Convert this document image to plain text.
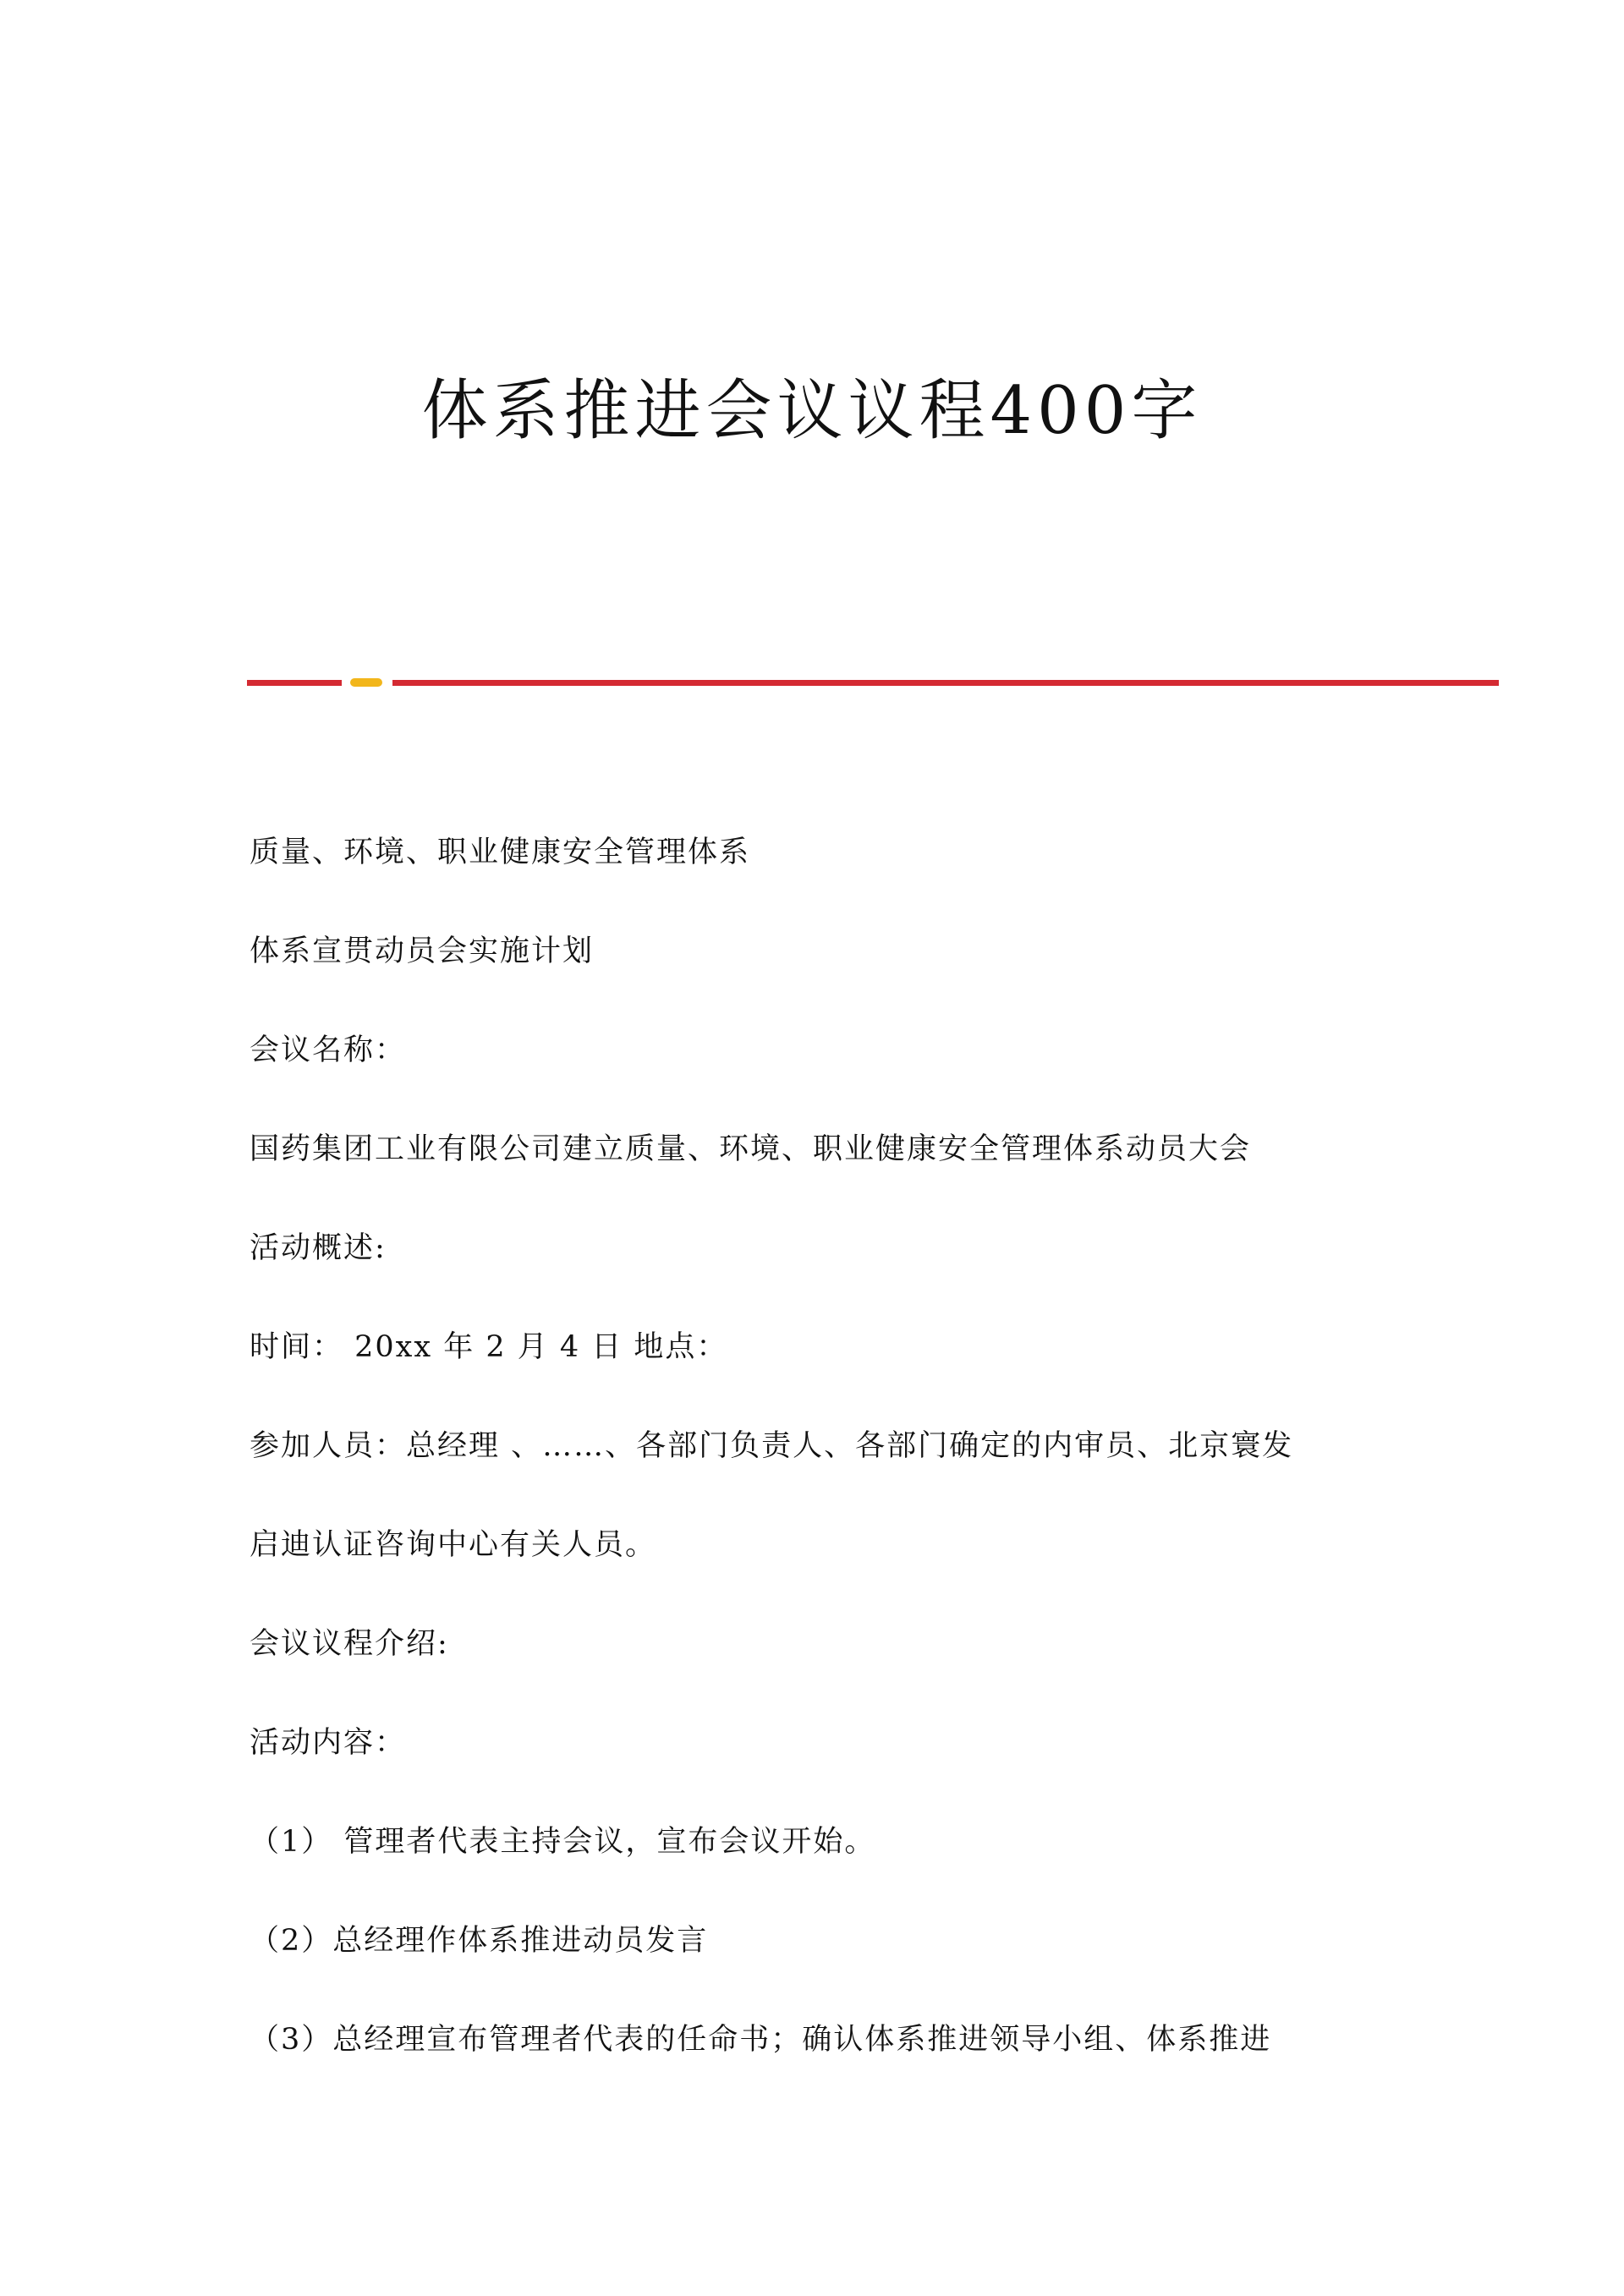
体系推进会议议程400字

质量、环境、职业健康安全管理体系

体系宣贯动员会实施计划

会议名称：

国药集团工业有限公司建立质量、环境、职业健康安全管理体系动员大会

活动概述:

时间： 20xx 年 2 月 4 日 地点：

参加人员：总经理 、……、各部门负责人、各部门确定的内审员、北京寰发

启迪认证咨询中心有关人员。

会议议程介绍:

活动内容：

（1） 管理者代表主持会议，宣布会议开始。

（2）总经理作体系推进动员发言

（3）总经理宣布管理者代表的任命书；确认体系推进领导小组、体系推进
